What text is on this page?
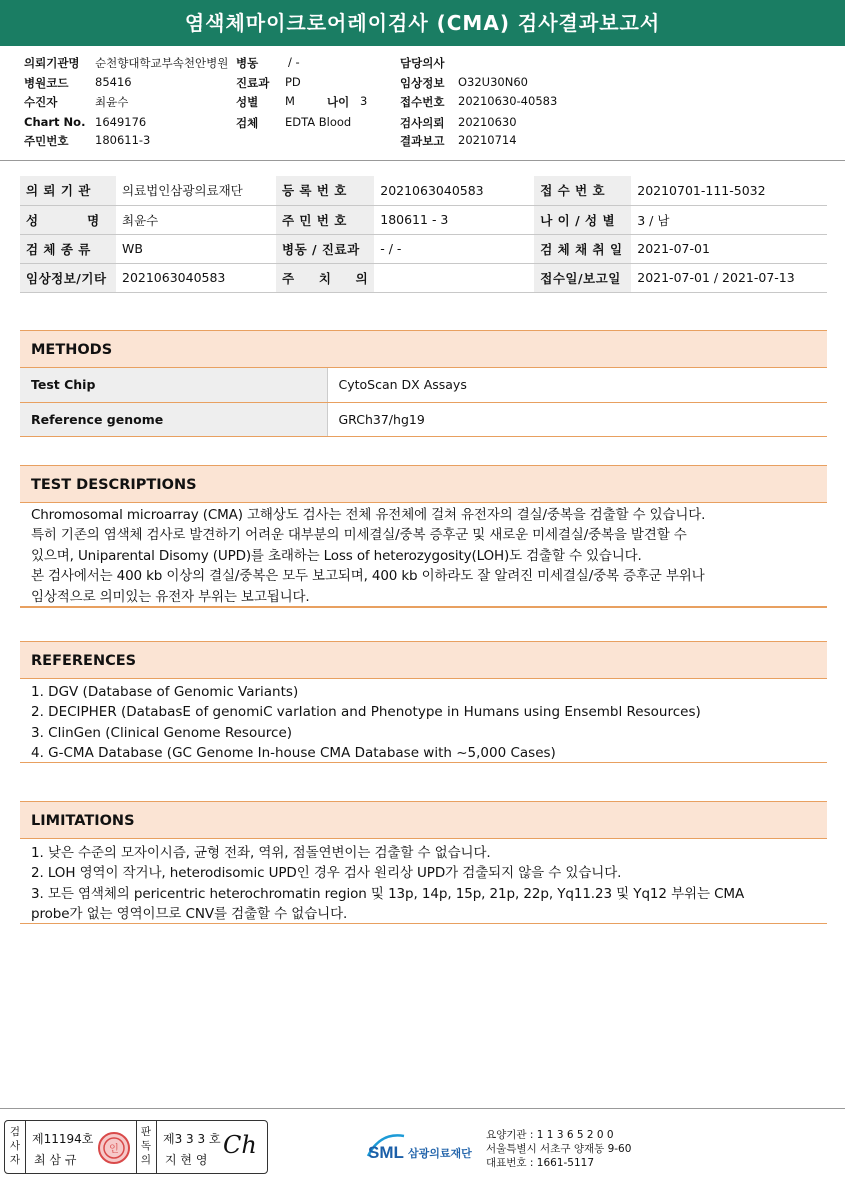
염색체마이크로어레이검사 (CMA) 검사결과보고서
의뢰기관명 순천향대학교부속천안병원 병동	/ -	담당의사
병원코드 85416	진료과 PD	임상정보 O32U30N60
수진자	최윤수	성별 M	나이 3	접수번호 20210630-40583
Chart No. 1649176	검체 EDTA Blood	검사의뢰 20210630
주민번호 180611-3	결과보고 20210714
의 뢰 기 관	의료법인삼광의료재단	등 록 번 호	2021063040583	접 수 번 호	20210701-111-5032
성          명	최윤수	주 민 번 호	180611 - 3	나 이 / 성 별	3 / 남
검 체 종 류	WB	병동 / 진료과	- / -	검 체 채 취 일	2021-07-01
임상정보/기타	2021063040583	주     치     의		접수일/보고일	2021-07-01 / 2021-07-13
METHODS
Test Chip	CytoScan DX Assays
Reference genome	GRCh37/hg19
TEST DESCRIPTIONS
Chromosomal microarray (CMA) 고해상도 검사는 전체 유전체에 걸쳐 유전자의 결실/중복을 검출할 수 있습니다.
특히 기존의 염색체 검사로 발견하기 어려운 대부분의 미세결실/중복 증후군 및 새로운 미세결실/중복을 발견할 수
있으며, Uniparental Disomy (UPD)를 초래하는 Loss of heterozygosity(LOH)도 검출할 수 있습니다.
본 검사에서는 400 kb 이상의 결실/중복은 모두 보고되며, 400 kb 이하라도 잘 알려진 미세결실/중복 증후군 부위나
임상적으로 의미있는 유전자 부위는 보고됩니다.
REFERENCES
1. DGV (Database of Genomic Variants)
2. DECIPHER (DatabasE of genomiC varIation and Phenotype in Humans using Ensembl Resources)
3. ClinGen (Clinical Genome Resource)
4. G-CMA Database (GC Genome In-house CMA Database with ~5,000 Cases)
LIMITATIONS
1. 낮은 수준의 모자이시즘, 균형 전좌, 역위, 점돌연변이는 검출할 수 없습니다.
2. LOH 영역이 작거나, heterodisomic UPD인 경우 검사 원리상 UPD가 검출되지 않을 수 있습니다.
3. 모든 염색체의 pericentric heterochromatin region 및 13p, 14p, 15p, 21p, 22p, Yq11.23 및 Yq12 부위는 CMA
probe가 없는 영역이므로 CNV를 검출할 수 없습니다.
검사자
제11194호
최 삼 규
인
판독의
제3 3 3 호
지 현 영
Ch	SML 삼광의료재단
요양기관 : 1 1 3 6 5 2 0 0
서울특별시 서초구 양재동 9-60
대표번호 : 1661-5117
